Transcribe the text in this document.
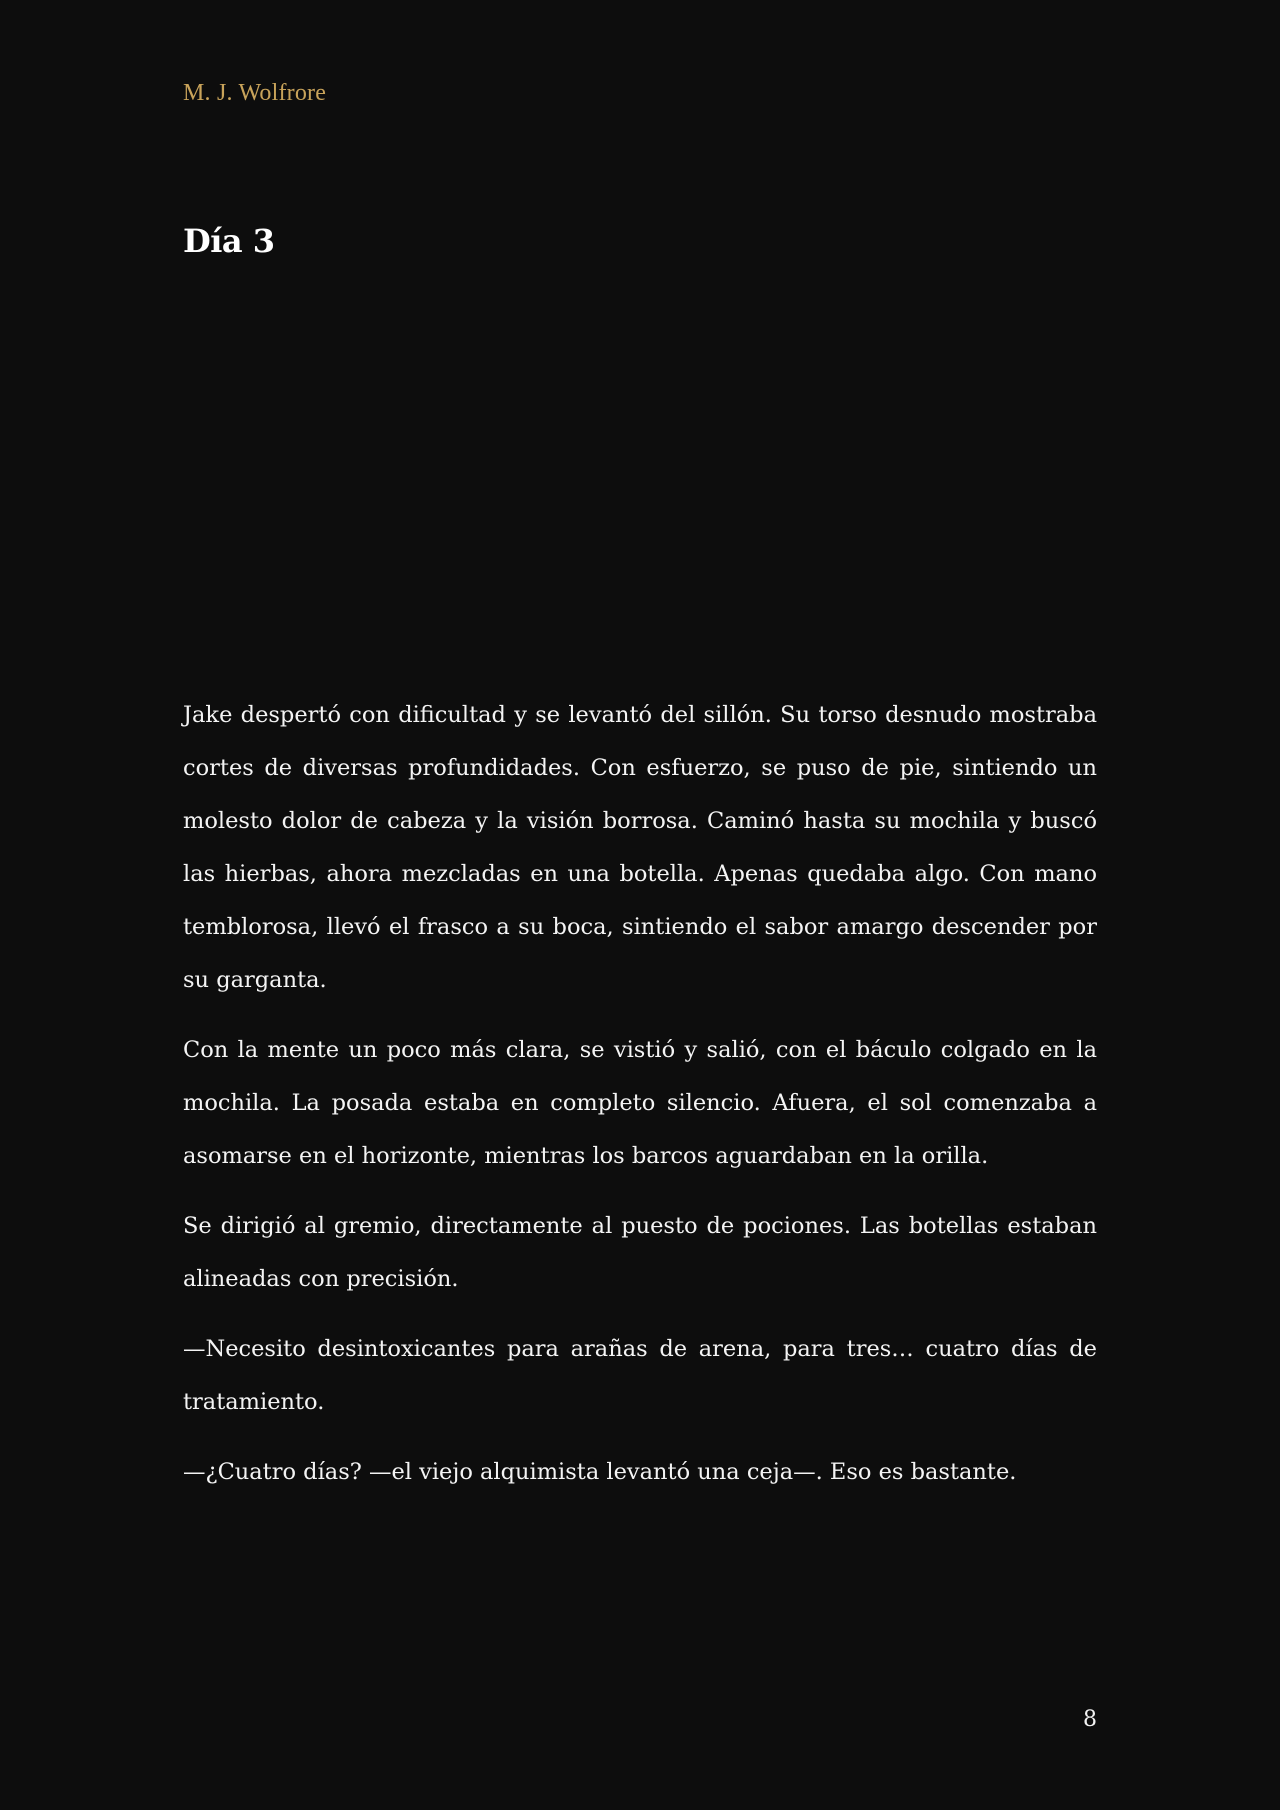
M. J. Wolfrore
Día 3

Jake despertó con dificultad y se levantó del sillón. Su torso desnudo mostraba cortes de diversas profundidades. Con esfuerzo, se puso de pie, sintiendo un molesto dolor de cabeza y la visión borrosa. Caminó hasta su mochila y buscó las hierbas, ahora mezcladas en una botella. Apenas quedaba algo. Con mano temblorosa, llevó el frasco a su boca, sintiendo el sabor amargo descender por su garganta.

Con la mente un poco más clara, se vistió y salió, con el báculo colgado en la mochila. La posada estaba en completo silencio. Afuera, el sol comenzaba a asomarse en el horizonte, mientras los barcos aguardaban en la orilla.

Se dirigió al gremio, directamente al puesto de pociones. Las botellas estaban alineadas con precisión.

—Necesito desintoxicantes para arañas de arena, para tres… cuatro días de tratamiento.

—¿Cuatro días? —el viejo alquimista levantó una ceja—. Eso es bastante.

8
